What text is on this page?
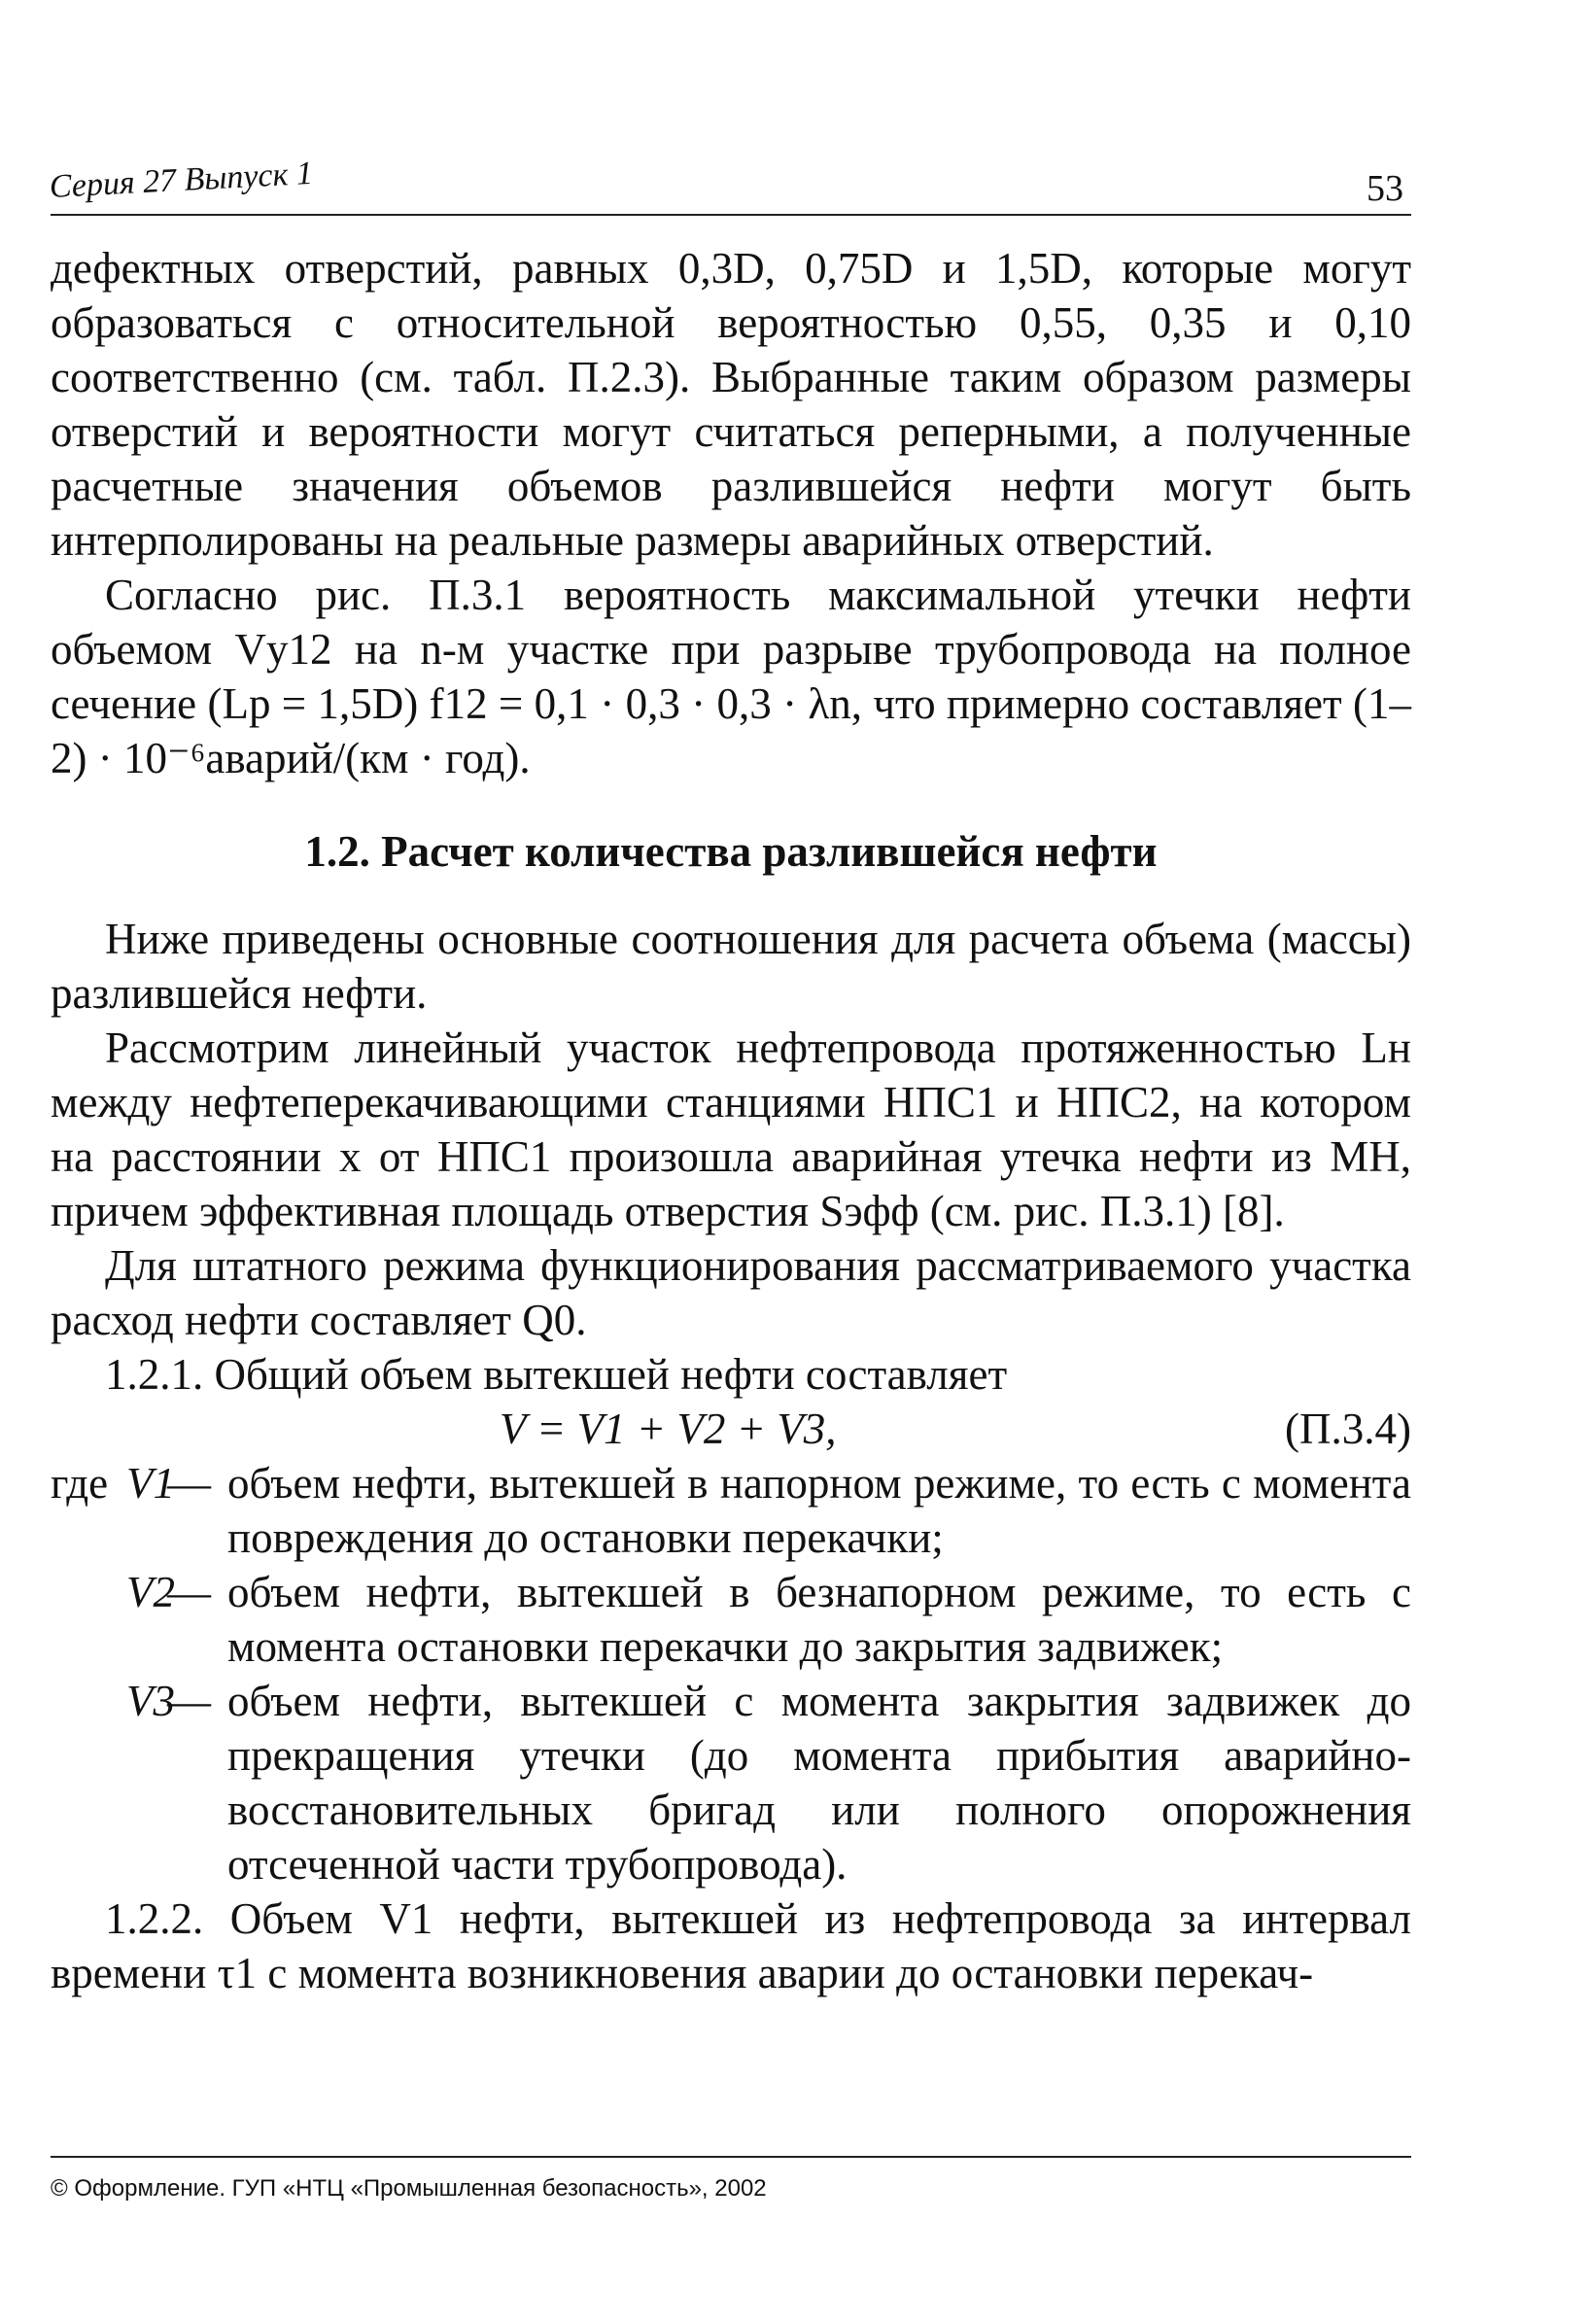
Серия 27 Выпуск 1	53

дефектных отверстий, равных 0,3D, 0,75D и 1,5D, которые могут образоваться с относительной вероятностью 0,55, 0,35 и 0,10 соответственно (см. табл. П.2.3). Выбранные таким образом размеры отверстий и вероятности могут считаться реперными, а полученные расчетные значения объемов разлившейся нефти могут быть интерполированы на реальные размеры аварийных отверстий.

Согласно рис. П.3.1 вероятность максимальной утечки нефти объемом Vу12 на n-м участке при разрыве трубопровода на полное сечение (Lp = 1,5D) f12 = 0,1 · 0,3 · 0,3 · λn, что примерно составляет (1–2) · 10⁻⁶аварий/(км · год).

1.2. Расчет количества разлившейся нефти

Ниже приведены основные соотношения для расчета объема (массы) разлившейся нефти.

Рассмотрим линейный участок нефтепровода протяженностью Lн между нефтеперекачивающими станциями НПС1 и НПС2, на котором на расстоянии x от НПС1 произошла аварийная утечка нефти из МН, причем эффективная площадь отверстия Sэфф (см. рис. П.3.1) [8].

Для штатного режима функционирования рассматриваемого участка расход нефти составляет Q0.

1.2.1. Общий объем вытекшей нефти составляет

V = V1 + V2 + V3,	(П.3.4)
где V1
— объем нефти, вытекшей в напорном режиме, то есть с момента повреждения до остановки перекачки;
V2
— объем нефти, вытекшей в безнапорном режиме, то есть с момента остановки перекачки до закрытия задвижек;
V3
— объем нефти, вытекшей с момента закрытия задвижек до прекращения утечки (до момента прибытия аварийно-восстановительных бригад или полного опорожнения отсеченной части трубопровода).

1.2.2. Объем V1 нефти, вытекшей из нефтепровода за интервал времени τ1 с момента возникновения аварии до остановки перекач-

© Оформление. ГУП «НТЦ «Промышленная безопасность», 2002
